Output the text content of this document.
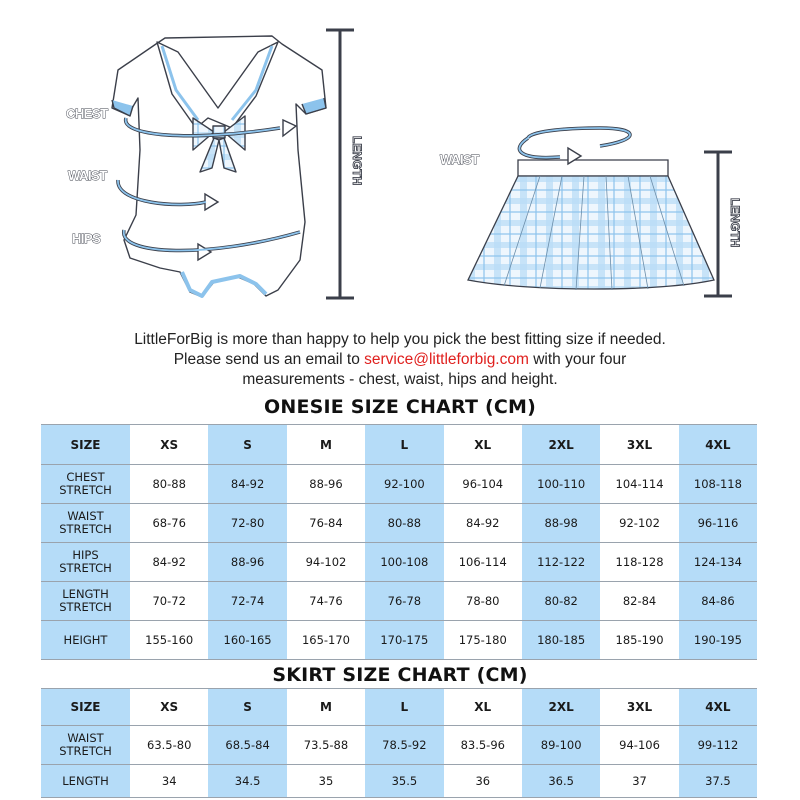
CHEST
WAIST
HIPS
LENGTH	WAIST
LENGTH
LittleForBig is more than happy to help you pick the best fitting size if needed.
Please send us an email to service@littleforbig.com with your four
measurements - chest, waist, hips and height.
ONESIE SIZE CHART (CM)
SIZE	XS	S	M	L	XL	2XL	3XL	4XL

CHEST
STRETCH	80-88	84-92	88-96	92-100	96-104	100-110	104-114	108-118

WAIST
STRETCH	68-76	72-80	76-84	80-88	84-92	88-98	92-102	96-116

HIPS
STRETCH	84-92	88-96	94-102	100-108	106-114	112-122	118-128	124-134

LENGTH
STRETCH	70-72	72-74	74-76	76-78	78-80	80-82	82-84	84-86

HEIGHT	155-160	160-165	165-170	170-175	175-180	180-185	185-190	190-195
SKIRT SIZE CHART (CM)
SIZE	XS	S	M	L	XL	2XL	3XL	4XL

WAIST
STRETCH	63.5-80	68.5-84	73.5-88	78.5-92	83.5-96	89-100	94-106	99-112

LENGTH	34	34.5	35	35.5	36	36.5	37	37.5
